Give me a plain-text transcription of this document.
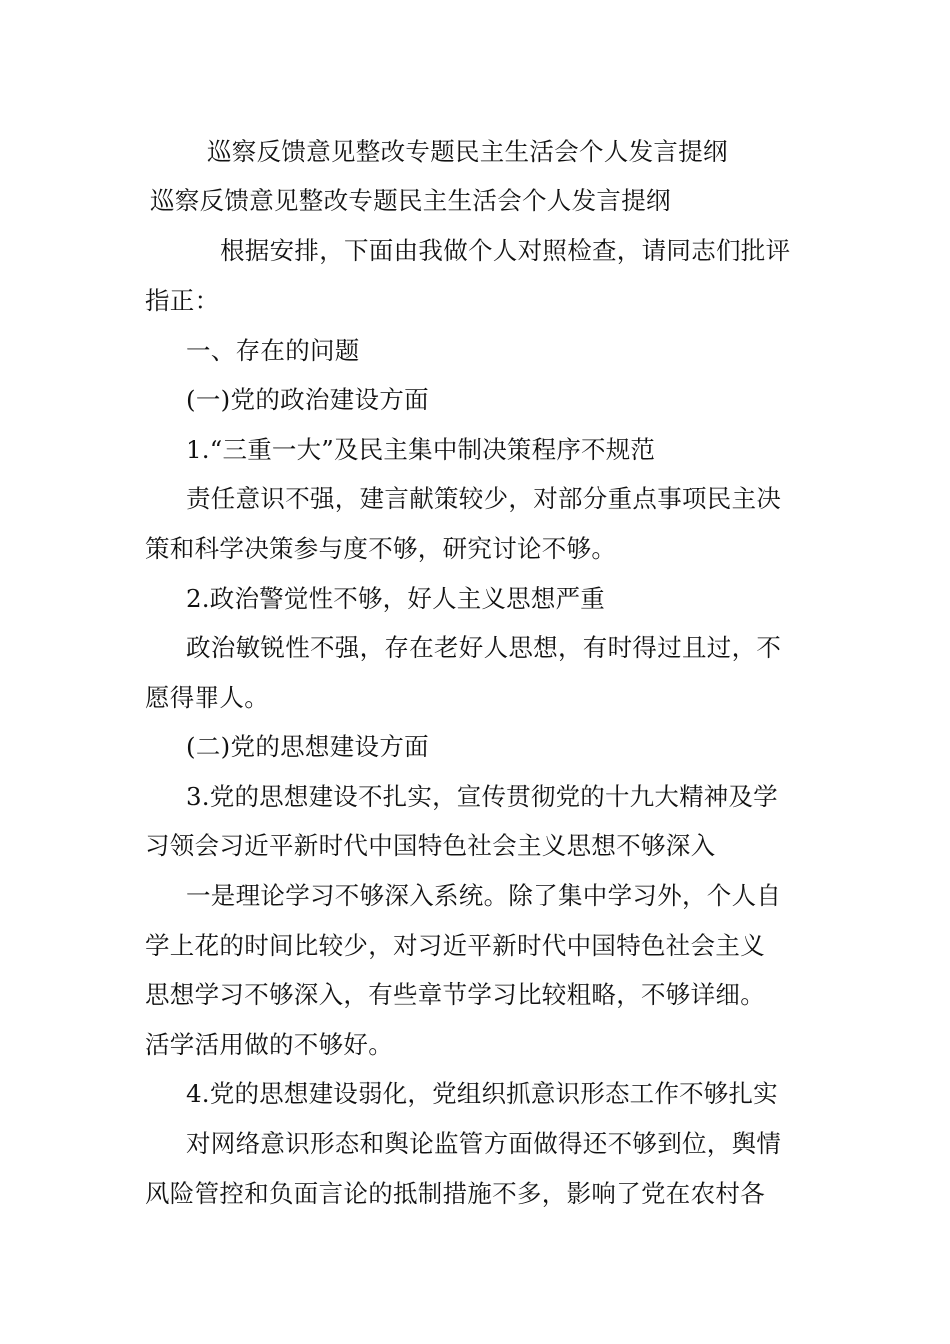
巡察反馈意见整改专题民主生活会个人发言提纲
巡察反馈意见整改专题民主生活会个人发言提纲
根据安排，下面由我做个人对照检查，请同志们批评
指正：
一、存在的问题
(一)党的政治建设方面
1.“三重一大”及民主集中制决策程序不规范
责任意识不强，建言献策较少，对部分重点事项民主决
策和科学决策参与度不够，研究讨论不够。
2.政治警觉性不够，好人主义思想严重
政治敏锐性不强，存在老好人思想，有时得过且过，不
愿得罪人。
(二)党的思想建设方面
3.党的思想建设不扎实，宣传贯彻党的十九大精神及学
习领会习近平新时代中国特色社会主义思想不够深入
一是理论学习不够深入系统。除了集中学习外，个人自
学上花的时间比较少，对习近平新时代中国特色社会主义
思想学习不够深入，有些章节学习比较粗略，不够详细。
活学活用做的不够好。
4.党的思想建设弱化，党组织抓意识形态工作不够扎实
对网络意识形态和舆论监管方面做得还不够到位，舆情
风险管控和负面言论的抵制措施不多，影响了党在农村各
